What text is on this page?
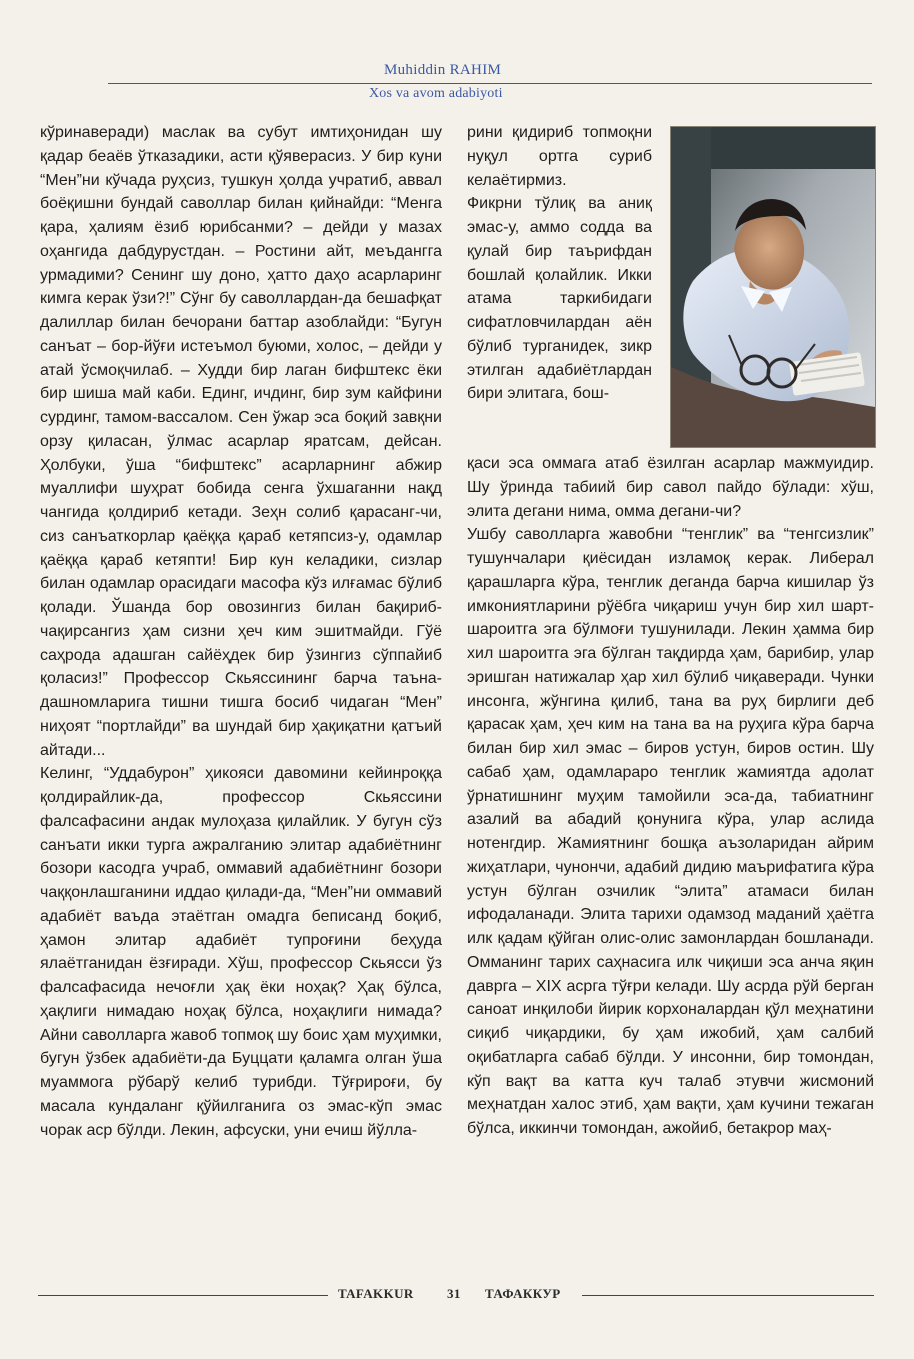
Muhiddin RAHIM
Xos va avom adabiyoti
кўринаверади) маслак ва субут имтиҳонидан шу қадар беаёв ўтказадики, асти қўяверасиз. У бир куни “Мен”ни кўчада руҳсиз, тушкун ҳолда учратиб, аввал боёқишни бундай саволлар билан қийнайди: “Менга қара, ҳалиям ёзиб юрибсанми? – дейди у мазах оҳангида дабдурустдан. – Ростини айт, меъдангга урмадими? Сенинг шу доно, ҳатто даҳо асарларинг кимга керак ўзи?!” Сўнг бу саволлардан-да бешафқат далиллар билан бечорани баттар азоблайди: “Бугун санъат – бор-йўғи истеъмол буюми, холос, – дейди у атай ўсмоқчилаб. – Худди бир лаган бифштекс ёки бир шиша май каби. Единг, ичдинг, бир зум кайфини сурдинг, тамом-вассалом. Сен ўжар эса боқий завқни орзу қиласан, ўлмас асарлар яратсам, дейсан. Ҳолбуки, ўша “бифштекс” асарларнинг абжир муаллифи шуҳрат бобида сенга ўхшаганни нақд чангида қолдириб кетади. Зеҳн солиб қарасанг-чи, сиз санъаткорлар қаёққа қараб кетяпсиз-у, одамлар қаёққа қараб кетяпти! Бир кун келадики, сизлар билан одамлар орасидаги масофа кўз илғамас бўлиб қолади. Ўшанда бор овозингиз билан бақириб-чақирсангиз ҳам сизни ҳеч ким эшитмайди. Гўё саҳрода адашган сайёҳдек бир ўзингиз сўппайиб қоласиз!” Профессор Скьяссининг барча таъна-дашномларига тишни тишга босиб чидаган “Мен” ниҳоят “портлайди” ва шундай бир ҳақиқатни қатъий айтади...
Келинг, “Уддабурон” ҳикояси давомини кейинроққа қолдирайлик-да, профессор Скьяссини фалсафасини андак мулоҳаза қилайлик. У бугун сўз санъати икки турга ажралганию элитар адабиётнинг бозори касодга учраб, оммавий адабиётнинг бозори чаққонлашганини иддао қилади-да, “Мен”ни оммавий адабиёт ваъда этаётган омадга беписанд боқиб, ҳамон элитар адабиёт тупроғини беҳуда ялаётганидан ёзғиради. Хўш, профессор Скьясси ўз фалсафасида нечоғли ҳақ ёки ноҳақ? Ҳақ бўлса, ҳақлиги нимадаю ноҳақ бўлса, ноҳақлиги нимада? Айни саволларга жавоб топмоқ шу боис ҳам муҳимки, бугун ўзбек адабиёти-да Буццати қаламга олган ўша муаммога рўбарў келиб турибди. Тўғрироғи, бу масала кундаланг қўйилганига оз эмас-кўп эмас чорак аср бўлди. Лекин, афсуски, уни ечиш йўлла-
рини қидириб топмоқни нуқул ортга суриб келаётирмиз.
Фикрни тўлиқ ва аниқ эмас-у, аммо содда ва қулай бир таърифдан бошлай қолайлик. Икки атама таркибидаги сифатловчилардан аён бўлиб турганидек, зикр этилган адабиётлардан бири элитага, бош-
қаси эса оммага атаб ёзилган асарлар мажмуидир. Шу ўринда табиий бир савол пайдо бўлади: хўш, элита дегани нима, омма дегани-чи?
Ушбу саволларга жавобни “тенглик” ва “тенгсизлик” тушунчалари қиёсидан изламоқ керак. Либерал қарашларга кўра, тенглик деганда барча кишилар ўз имкониятларини рўёбга чиқариш учун бир хил шарт-шароитга эга бўлмоғи тушунилади. Лекин ҳамма бир хил шароитга эга бўлган тақдирда ҳам, барибир, улар эришган натижалар ҳар хил бўлиб чиқаверади. Чунки инсонга, жўнгина қилиб, тана ва руҳ бирлиги деб қарасак ҳам, ҳеч ким на тана ва на руҳига кўра барча билан бир хил эмас – биров устун, биров остин. Шу сабаб ҳам, одамлараро тенглик жамиятда адолат ўрнатишнинг муҳим тамойили эса-да, табиатнинг азалий ва абадий қонунига кўра, улар аслида нотенгдир. Жамиятнинг бошқа аъзоларидан айрим жиҳатлари, чунончи, адабий дидию маърифатига кўра устун бўлган озчилик “элита” атамаси билан ифодаланади. Элита тарихи одамзод маданий ҳаётга илк қадам қўйган олис-олис замонлардан бошланади. Омманинг тарих саҳнасига илк чиқиши эса анча яқин даврга – XIX асрга тўғри келади. Шу асрда рўй берган саноат инқилоби йирик корхоналардан қўл меҳнатини сиқиб чиқардики, бу ҳам ижобий, ҳам салбий оқибатларга сабаб бўлди. У инсонни, бир томондан, кўп вақт ва катта куч талаб этувчи жисмоний меҳнатдан халос этиб, ҳам вақти, ҳам кучини тежаган бўлса, иккинчи томондан, ажойиб, бетакрор маҳ-
TAFAKKUR	31 ТАФАККУР
